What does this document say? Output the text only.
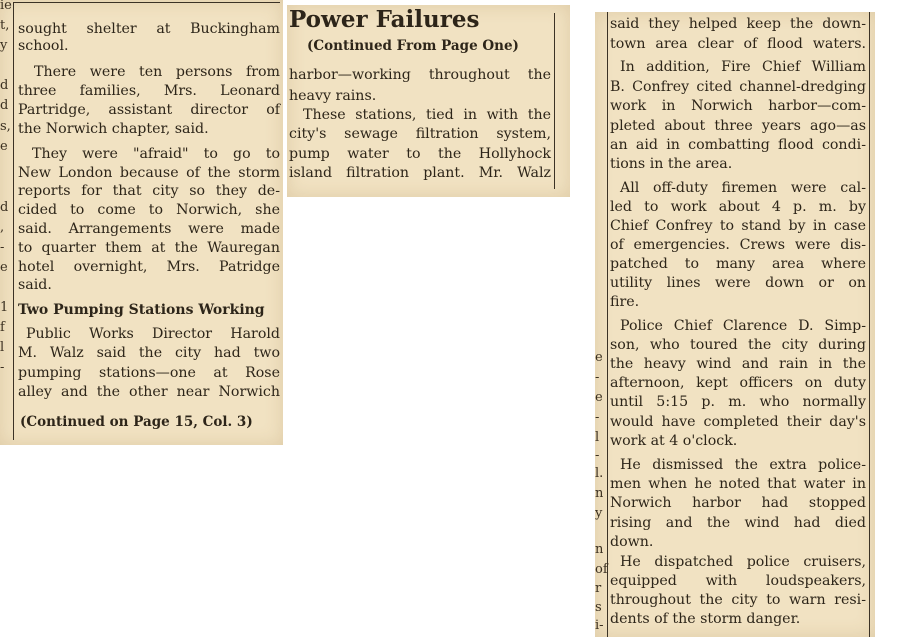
ie
t,
y
d
d
s,
e
d
,
-
e
1
f
l
-
sought shelter at Buckingham
school.
There were ten persons from
three families, Mrs. Leonard
Partridge, assistant director of
the Norwich chapter, said.
They were "afraid" to go to
New London because of the storm
reports for that city so they de-
cided to come to Norwich, she
said. Arrangements were made
to quarter them at the Wauregan
hotel overnight, Mrs. Patridge
said.
Two Pumping Stations Working
Public Works Director Harold
M. Walz said the city had two
pumping stations—one at Rose
alley and the other near Norwich
(Continued on Page 15, Col. 3)
Power Failures
(Continued From Page One)
harbor—working throughout the
heavy rains.
These stations, tied in with the
city's sewage filtration system,
pump water to the Hollyhock
island filtration plant. Mr. Walz
e
-
e
-
l
-
l.
n
y
n
of
r
s
i-
said they helped keep the down-
town area clear of flood waters.
In addition, Fire Chief William
B. Confrey cited channel-dredging
work in Norwich harbor—com-
pleted about three years ago—as
an aid in combatting flood condi-
tions in the area.
All off-duty firemen were cal-
led to work about 4 p. m. by
Chief Confrey to stand by in case
of emergencies. Crews were dis-
patched to many area where
utility lines were down or on
fire.
Police Chief Clarence D. Simp-
son, who toured the city during
the heavy wind and rain in the
afternoon, kept officers on duty
until 5:15 p. m. who normally
would have completed their day's
work at 4 o'clock.
He dismissed the extra police-
men when he noted that water in
Norwich harbor had stopped
rising and the wind had died
down.
He dispatched police cruisers,
equipped with loudspeakers,
throughout the city to warn resi-
dents of the storm danger.
